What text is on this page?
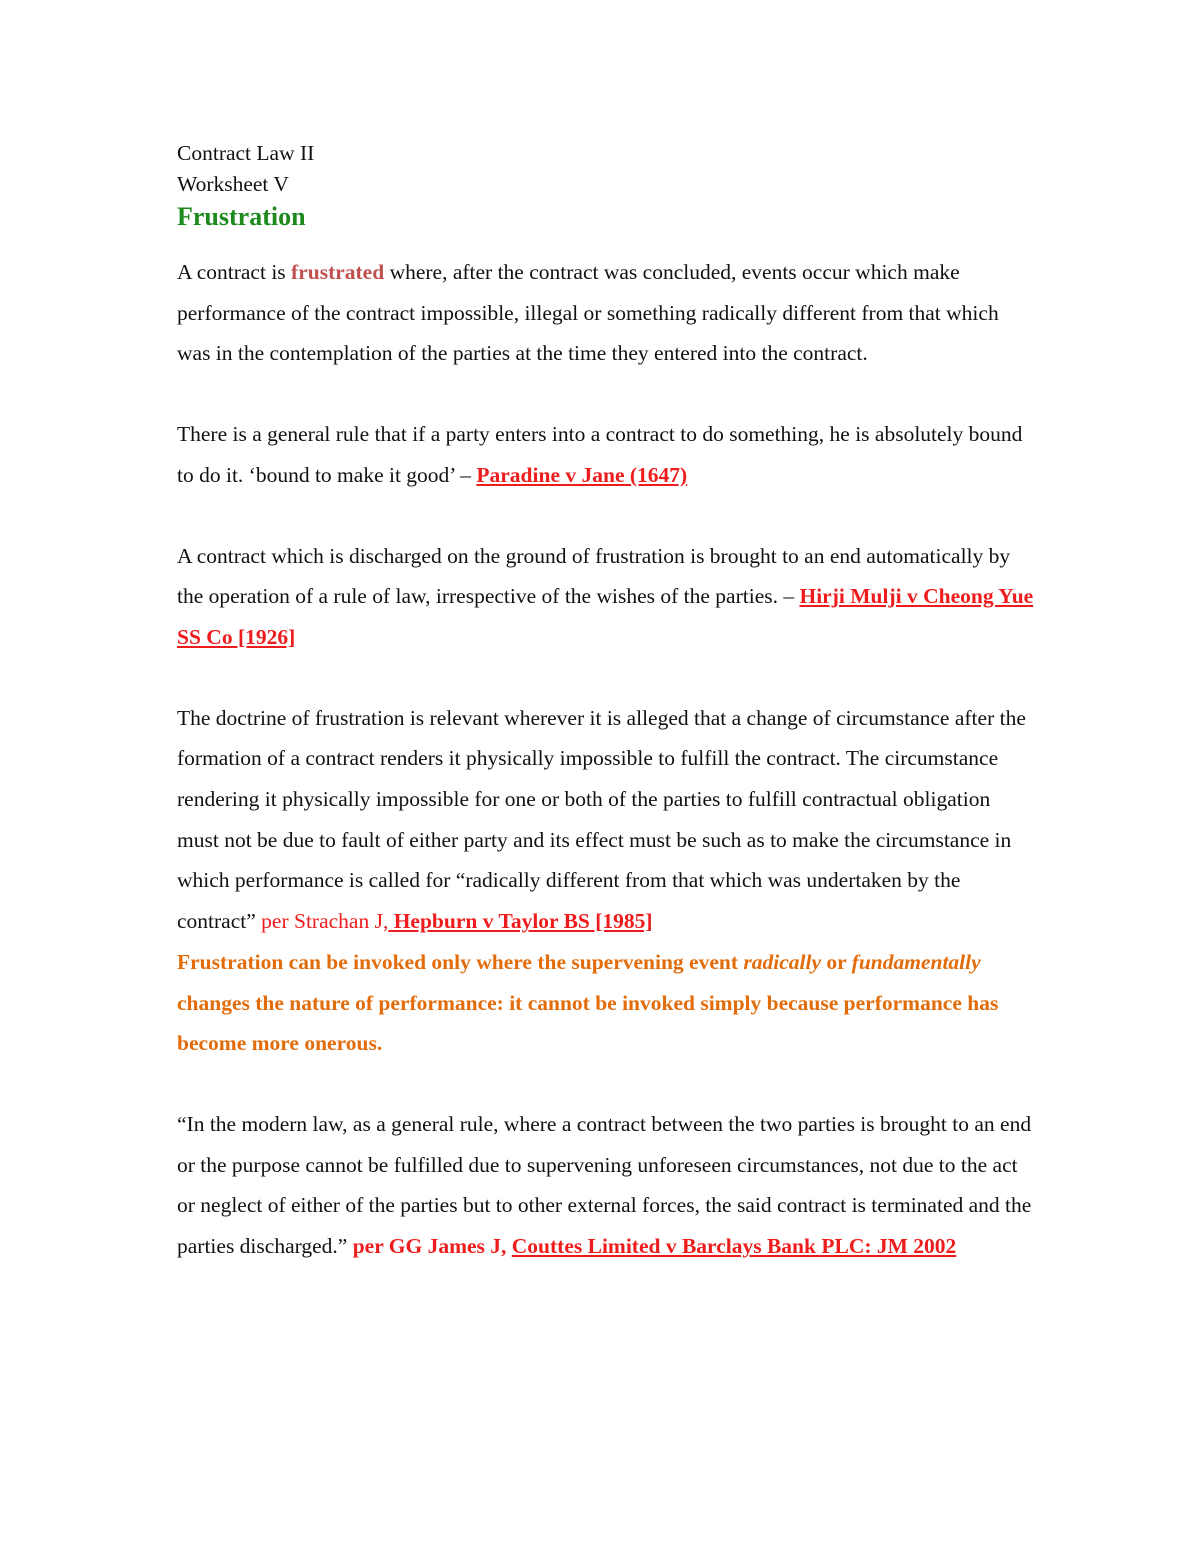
Contract Law II
Worksheet V
Frustration

A contract is frustrated where, after the contract was concluded, events occur which make performance of the contract impossible, illegal or something radically different from that which was in the contemplation of the parties at the time they entered into the contract.

There is a general rule that if a party enters into a contract to do something, he is absolutely bound to do it. ‘bound to make it good’ – Paradine v Jane (1647)

A contract which is discharged on the ground of frustration is brought to an end automatically by the operation of a rule of law, irrespective of the wishes of the parties. – Hirji Mulji v Cheong Yue SS Co [1926]

The doctrine of frustration is relevant wherever it is alleged that a change of circumstance after the formation of a contract renders it physically impossible to fulfill the contract. The circumstance rendering it physically impossible for one or both of the parties to fulfill contractual obligation must not be due to fault of either party and its effect must be such as to make the circumstance in which performance is called for “radically different from that which was undertaken by the contract” per Strachan J, Hepburn v Taylor BS [1985]

Frustration can be invoked only where the supervening event radically or fundamentally changes the nature of performance: it cannot be invoked simply because performance has become more onerous.

“In the modern law, as a general rule, where a contract between the two parties is brought to an end or the purpose cannot be fulfilled due to supervening unforeseen circumstances, not due to the act or neglect of either of the parties but to other external forces, the said contract is terminated and the parties discharged.” per GG James J, Couttes Limited v Barclays Bank PLC: JM 2002
